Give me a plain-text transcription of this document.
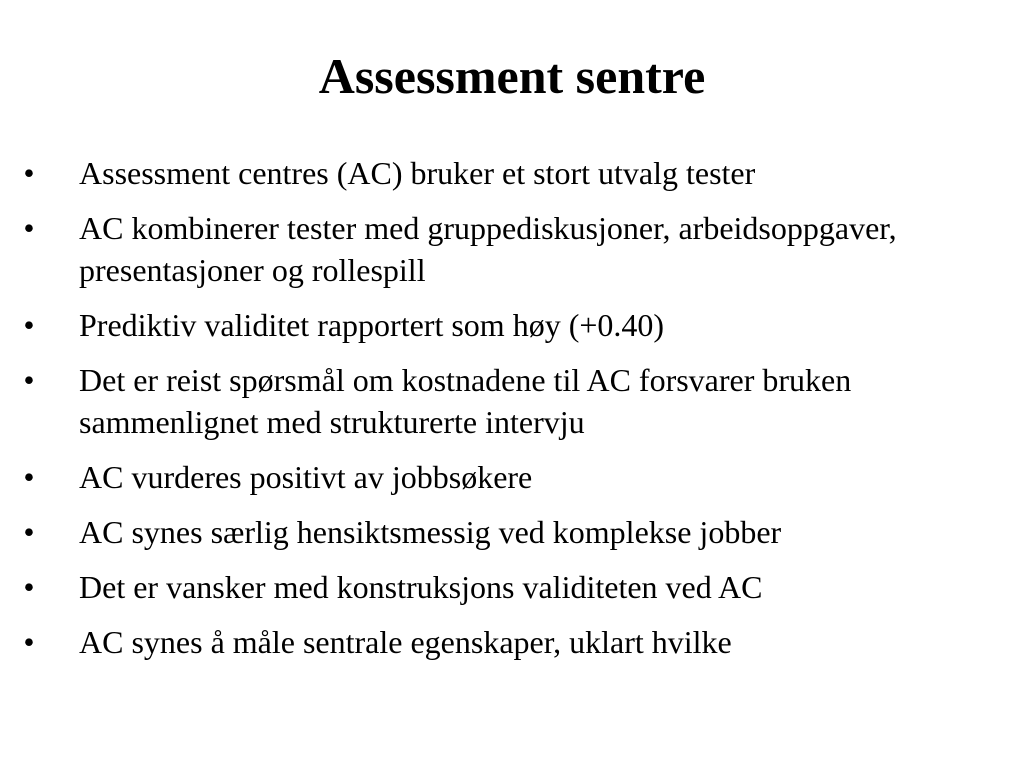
Assessment sentre
• Assessment centres (AC) bruker et stort utvalg tester
• AC kombinerer tester med gruppediskusjoner, arbeidsoppgaver, presentasjoner og rollespill
• Prediktiv validitet rapportert som høy (+0.40)
• Det er reist spørsmål om kostnadene til AC forsvarer bruken sammenlignet med strukturerte intervju
• AC vurderes positivt av jobbsøkere
• AC synes særlig hensiktsmessig ved komplekse jobber
• Det er vansker med konstruksjons validiteten ved AC
• AC synes å måle sentrale egenskaper, uklart hvilke
